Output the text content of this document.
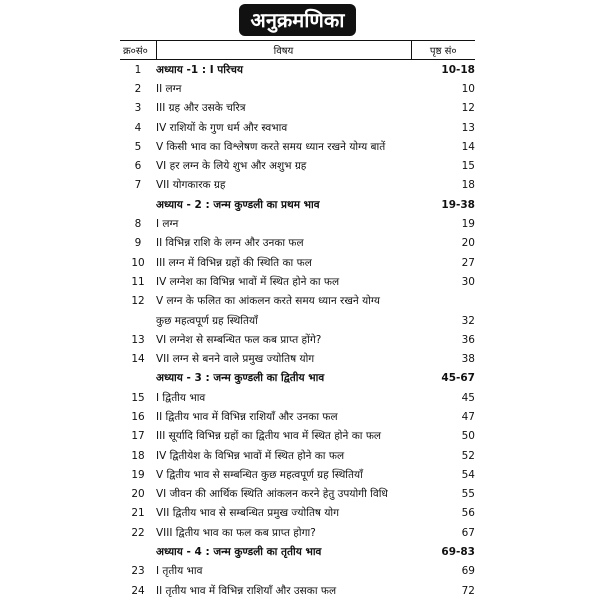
अनुक्रमणिका
क्र०सं०	विषय	पृष्ठ सं०
1	अध्याय -1 : I परिचय	10-18
2	II लग्न	10
3	III ग्रह और उसके चरित्र	12
4	IV राशियों के गुण धर्म और स्वभाव	13
5	V किसी भाव का विश्लेषण करते समय ध्यान रखने योग्य बातें	14
6	VI हर लग्न के लिये शुभ और अशुभ ग्रह	15
7	VII योगकारक ग्रह	18
	अध्याय - 2 : जन्म कुण्डली का प्रथम भाव	19-38
8	I लग्न	19
9	II विभिन्न राशि के लग्न और उनका फल	20
10	III लग्न में विभिन्न ग्रहों की स्थिति का फल	27
11	IV लग्नेश का विभिन्न भावों में स्थित होने का फल	30
12	V लग्न के फलित का आंकलन करते समय ध्यान रखने योग्य	
	कुछ महत्वपूर्ण ग्रह स्थितियाँ	32
13	VI लग्नेश से सम्बन्धित फल कब प्राप्त होंगे?	36
14	VII लग्न से बनने वाले प्रमुख ज्योतिष योग	38
	अध्याय - 3 : जन्म कुण्डली का द्वितीय भाव	45-67
15	I द्वितीय भाव	45
16	II द्वितीय भाव में विभिन्न राशियाँ और उनका फल	47
17	III सूर्यादि विभिन्न ग्रहों का द्वितीय भाव में स्थित होने का फल	50
18	IV द्वितीयेश के विभिन्न भावों में स्थित होने का फल	52
19	V द्वितीय भाव से सम्बन्धित कुछ महत्वपूर्ण ग्रह स्थितियाँ	54
20	VI जीवन की आर्थिक स्थिति आंकलन करने हेतु उपयोगी विधि	55
21	VII द्वितीय भाव से सम्बन्धित प्रमुख ज्योतिष योग	56
22	VIII द्वितीय भाव का फल कब प्राप्त होगा?	67
	अध्याय - 4 : जन्म कुण्डली का तृतीय भाव	69-83
23	I तृतीय भाव	69
24	II तृतीय भाव में विभिन्न राशियाँ और उसका फल	72
